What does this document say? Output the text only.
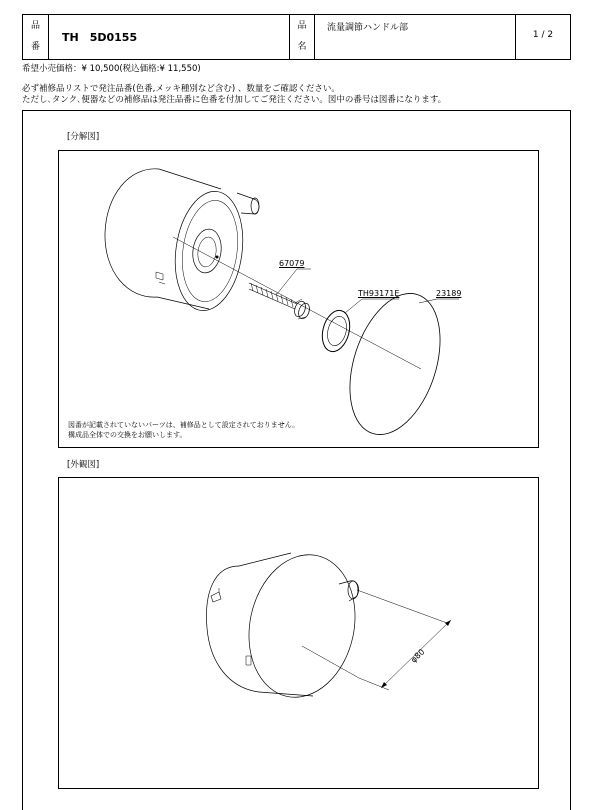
品
番
TH　5D0155
品
名
流量調節ハンドル部
1 / 2
希望小売価格：¥ 10,500(税込価格:¥ 11,550)
必ず補修品リストで発注品番(色番,メッキ種別など含む) 、数量をご確認ください。
ただし､タンク､便器などの補修品は発注品番に色番を付加してご発注ください。図中の番号は図番になります。
[分解図]
67079
TH93171E	23189
図番が記載されていないパーツは、補修品として設定されておりません。
構成品全体での交換をお願いします。
[外観図]
φ80
